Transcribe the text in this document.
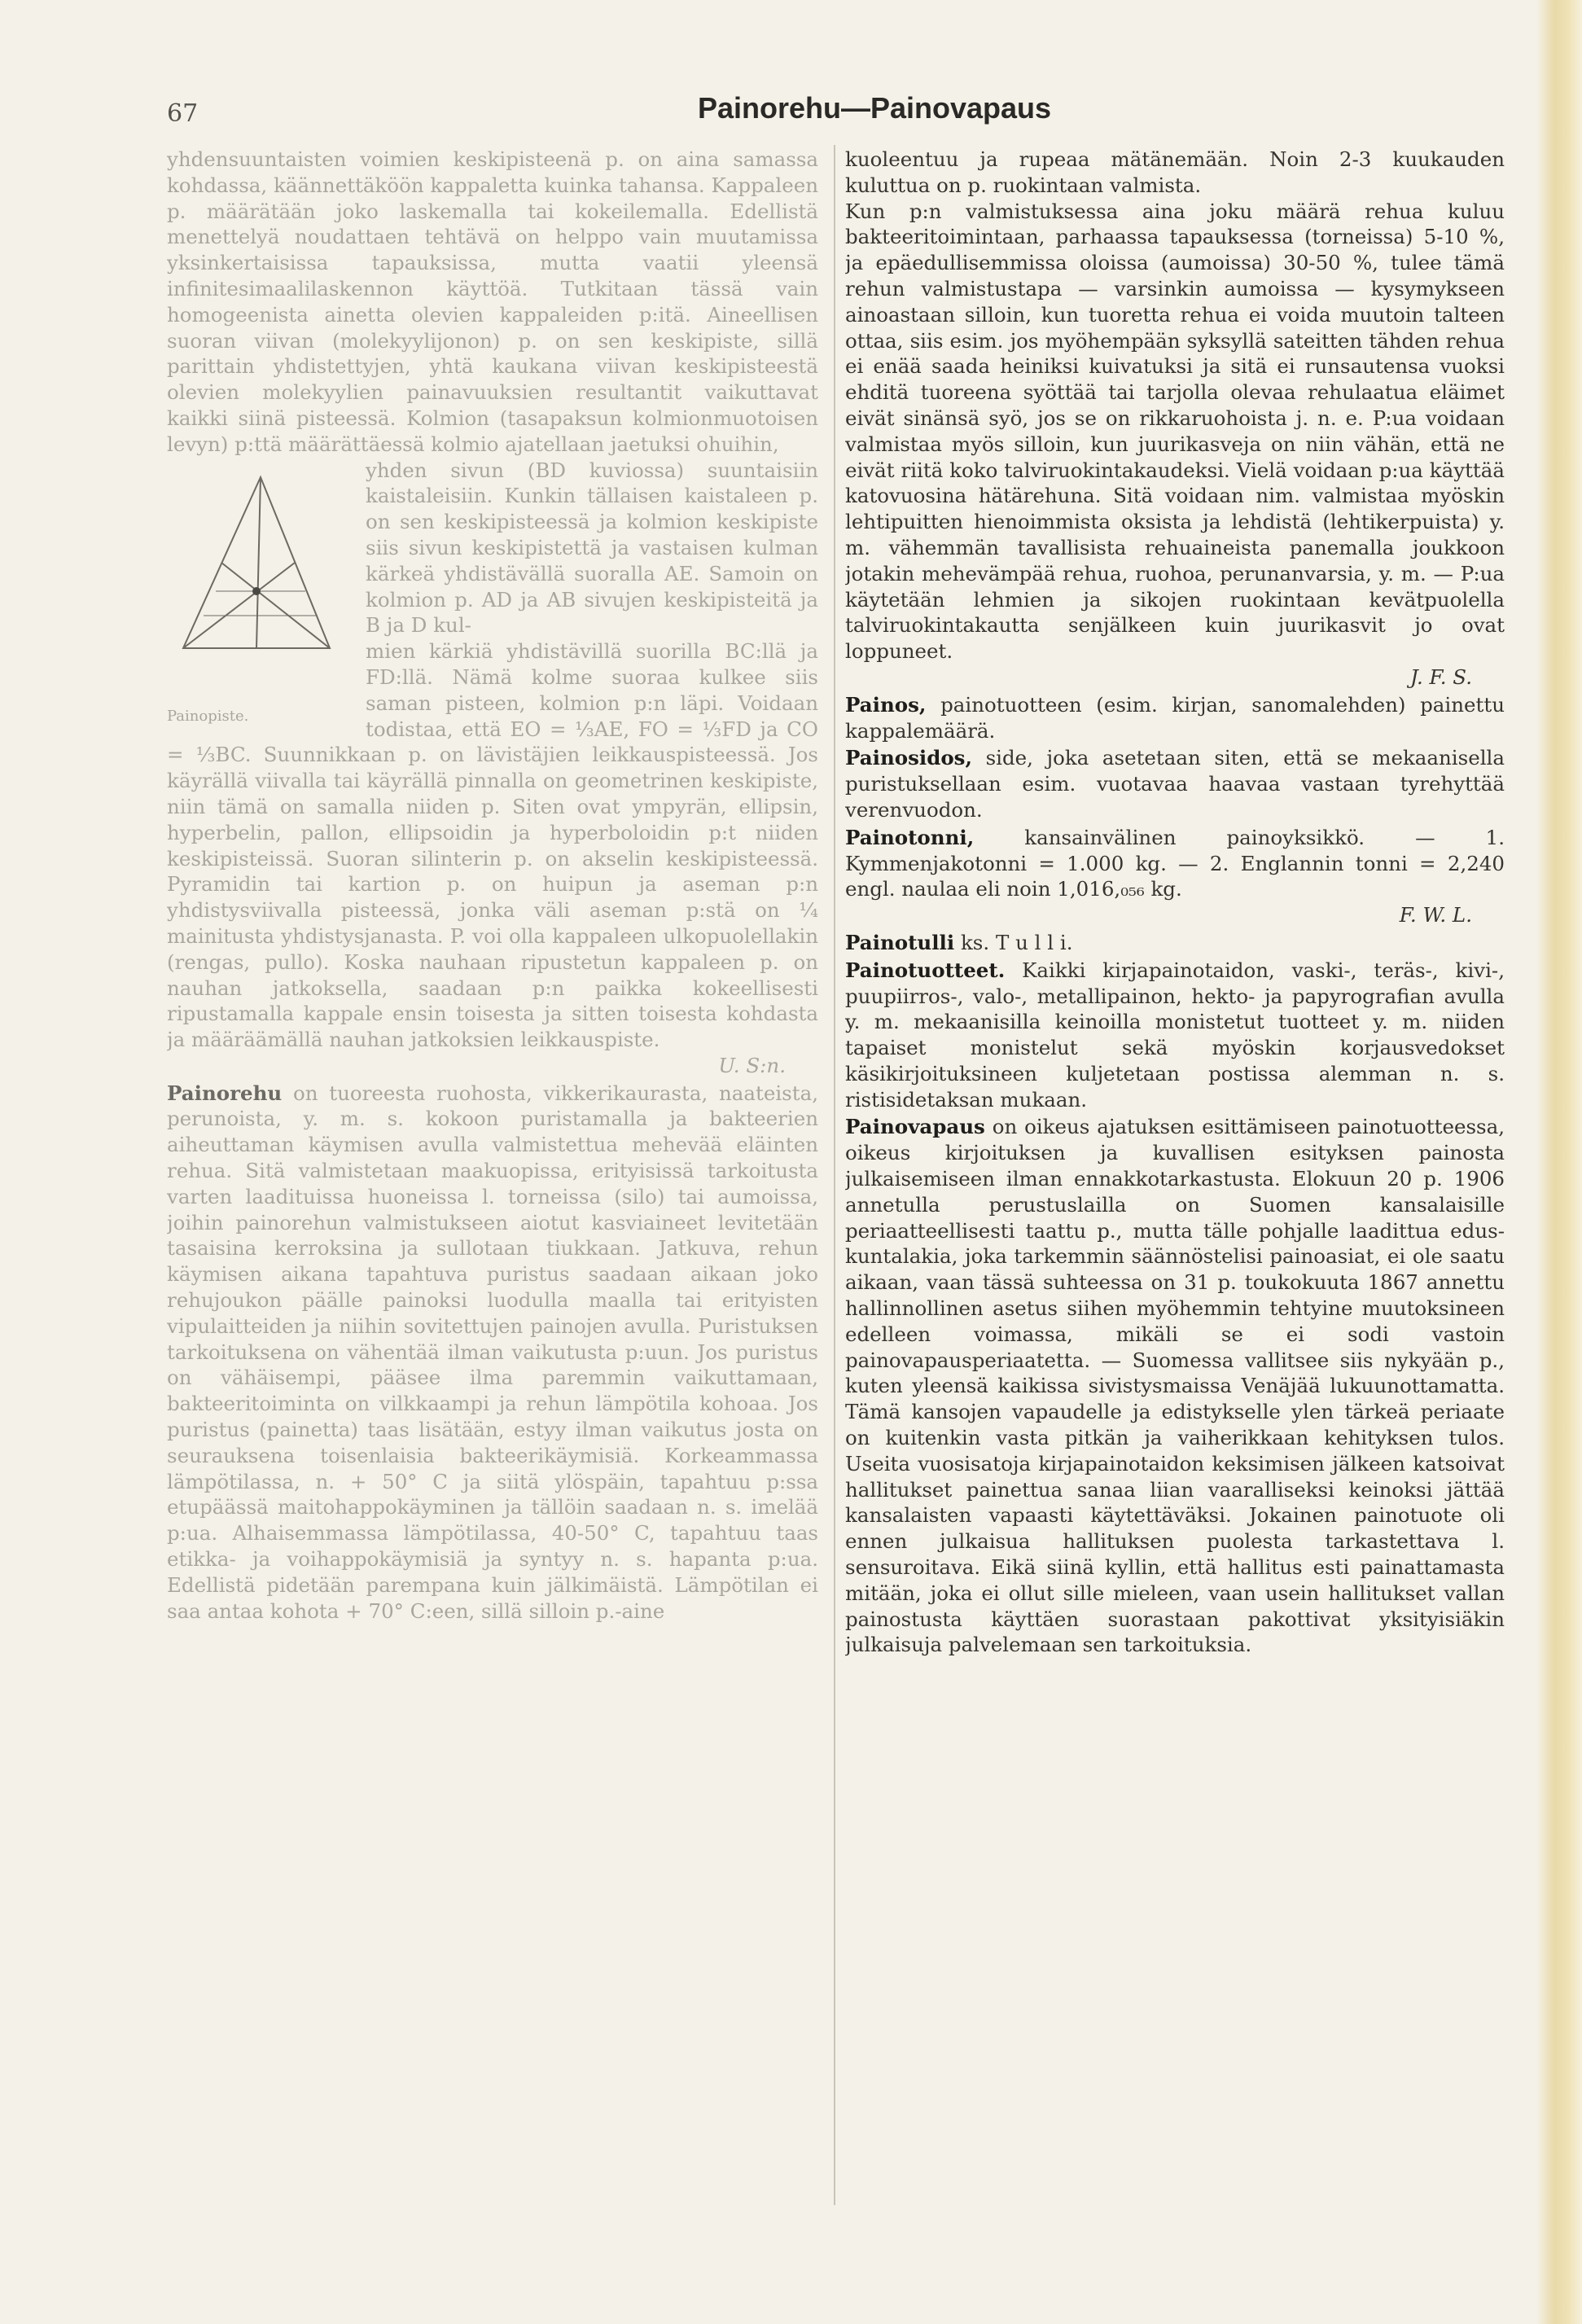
67	Painorehu—Painovapaus

yhdensuuntaisten voimien keskipisteenä p. on aina samassa kohdassa, käännettäköön kappaletta kuinka tahansa. Kappaleen p. määrätään joko laskemalla tai kokeilemalla. Edellistä menettelyä noudattaen tehtävä on helppo vain muutamissa yksinkertaisissa tapauksissa, mutta vaatii yleensä infinitesimaalilaskennon käyttöä. Tutkitaan tässä vain homogeenista ainetta olevien kappaleiden p:itä. Aineellisen suoran viivan (molekyylijonon) p. on sen keskipiste, sillä parittain yhdistettyjen, yhtä kaukana viivan keskipisteestä olevien molekyylien painavuuksien resultantit vaikuttavat kaikki siinä pisteessä. Kolmion (tasapaksun kolmionmuotoisen levyn) p:ttä määrättäessä kolmio ajatellaan jaetuksi ohuihin,

Painopiste.

yhden sivun (BD kuviossa) suuntaisiin kaistaleisiin. Kunkin tällaisen kaistaleen p. on sen keskipisteessä ja kolmion keskipiste siis sivun keskipistettä ja vastaisen kulman kärkeä yhdistävällä suoralla AE. Samoin on kolmion p. AD ja AB sivujen keskipisteitä ja B ja D kul-

mien kärkiä yhdistävillä suorilla BC:llä ja FD:llä. Nämä kolme suoraa kulkee siis saman pisteen, kolmion p:n läpi. Voidaan todistaa, että EO = ⅓AE, FO = ⅓FD ja CO = ⅓BC. Suunnikkaan p. on lävistäjien leikkauspisteessä. Jos käyrällä viivalla tai käyrällä pinnalla on geometrinen keskipiste, niin tämä on samalla niiden p. Siten ovat ympyrän, ellipsin, hyperbelin, pallon, ellipsoidin ja hyperboloidin p:t niiden keskipisteissä. Suoran silinterin p. on akselin keskipisteessä. Pyramidin tai kartion p. on huipun ja aseman p:n yhdistysviivalla pisteessä, jonka väli aseman p:stä on ¼ mainitusta yhdistysjanasta. P. voi olla kappaleen ulkopuolellakin (rengas, pullo). Koska nauhaan ripustetun kappaleen p. on nauhan jatkoksella, saadaan p:n paikka kokeellisesti ripustamalla kappale ensin toisesta ja sitten toisesta kohdasta ja määräämällä nauhan jatkoksien leikkauspiste.

U. S:n.

Painorehu on tuoreesta ruohosta, vikkerikaurasta, naateista, perunoista, y. m. s. kokoon puristamalla ja bakteerien aiheuttaman käymisen avulla valmistettua mehevää eläinten rehua. Sitä valmistetaan maakuopissa, erityisissä tarkoitusta varten laadituissa huoneissa l. torneissa (silo) tai aumoissa, joihin painorehun valmistukseen aiotut kasviaineet levitetään tasaisina kerroksina ja sullotaan tiukkaan. Jatkuva, rehun käymisen aikana tapahtuva puristus saadaan aikaan joko rehujoukon päälle painoksi luodulla maalla tai erityisten vipulaitteiden ja niihin sovitettujen painojen avulla. Puristuksen tarkoituksena on vähentää ilman vaikutusta p:uun. Jos puristus on vähäisempi, pääsee ilma paremmin vaikuttamaan, bakteeritoiminta on vilkkaampi ja rehun lämpötila kohoaa. Jos puristus (painetta) taas lisätään, estyy ilman vaikutus josta on seurauksena toisenlaisia bakteerikäymisiä. Korkeammassa lämpötilassa, n. + 50° C ja siitä ylöspäin, tapahtuu p:ssa etupäässä maitohappokäyminen ja tällöin saadaan n. s. imelää p:ua. Alhaisemmassa lämpötilassa, 40-50° C, tapahtuu taas etikka- ja voihappokäymisiä ja syntyy n. s. hapanta p:ua. Edellistä pidetään parempana kuin jälkimäistä. Lämpötilan ei saa antaa kohota + 70° C:een, sillä silloin p.-aine

kuoleentuu ja rupeaa mätänemään. Noin 2-3 kuukauden kuluttua on p. ruokintaan valmista.

Kun p:n valmistuksessa aina joku määrä rehua kuluu bakteeritoimintaan, parhaassa tapauksessa (torneissa) 5-10 %, ja epäedullisemmissa oloissa (aumoissa) 30-50 %, tulee tämä rehun valmistustapa — varsinkin aumoissa — kysymykseen ainoastaan silloin, kun tuoretta rehua ei voida muutoin talteen ottaa, siis esim. jos myöhempään syksyllä sateitten tähden rehua ei enää saada heiniksi kuivatuksi ja sitä ei runsautensa vuoksi ehditä tuoreena syöttää tai tarjolla olevaa rehulaatua eläimet eivät sinänsä syö, jos se on rikkaruohoista j. n. e. P:ua voidaan valmistaa myös silloin, kun juurikasveja on niin vähän, että ne eivät riitä koko talviruokintakaudeksi. Vielä voidaan p:ua käyttää katovuosina hätärehuna. Sitä voidaan nim. valmistaa myöskin lehtipuitten hienoimmista oksista ja lehdistä (lehtikerpuista) y. m. vähemmän tavallisista rehuaineista panemalla joukkoon jotakin mehevämpää rehua, ruohoa, perunanvarsia, y. m. — P:ua käytetään lehmien ja sikojen ruokintaan kevätpuolella talviruokintakautta senjälkeen kuin juurikasvit jo ovat loppuneet.

J. F. S.

Painos, painotuotteen (esim. kirjan, sanomalehden) painettu kappalemäärä.

Painosidos, side, joka asetetaan siten, että se mekaanisella puristuksellaan esim. vuotavaa haavaa vastaan tyrehyttää verenvuodon.

Painotonni,	kansainvälinen painoyksikkö. — 1. Kymmenjakotonni = 1.000 kg. — 2. Englannin tonni = 2,240 engl. naulaa eli noin 1,016,₀₅₆ kg.

F. W. L.

Painotulli ks. T u l l i.

Painotuotteet. Kaikki kirjapainotaidon, vaski-, teräs-, kivi-, puupiirros-, valo-, metallipainon, hekto- ja papyrografian avulla y. m. mekaanisilla keinoilla monistetut tuotteet y. m. niiden tapaiset monistelut sekä myöskin korjausvedokset käsikirjoituksineen kuljetetaan postissa alemman n. s. ristisidetaksan mukaan.

Painovapaus on oikeus ajatuksen esittämiseen painotuotteessa, oikeus kirjoituksen ja kuvallisen esityksen painosta julkaisemiseen ilman ennakkotarkastusta. Elokuun 20 p. 1906 annetulla perustuslailla on Suomen kansalaisille periaatteellisesti taattu p., mutta tälle pohjalle laadittua edus-kuntalakia, joka tarkemmin säännöstelisi painoasiat, ei ole saatu aikaan, vaan tässä suhteessa on 31 p. toukokuuta 1867 annettu hallinnollinen asetus siihen myöhemmin tehtyine muutoksineen edelleen voimassa, mikäli se ei sodi vastoin painovapausperiaatetta. — Suomessa vallitsee siis nykyään p., kuten yleensä kaikissa sivistysmaissa Venäjää lukuunottamatta. Tämä kansojen vapaudelle ja edistykselle ylen tärkeä periaate on kuitenkin vasta pitkän ja vaiherikkaan kehityksen tulos. Useita vuosisatoja kirjapainotaidon keksimisen jälkeen katsoivat hallitukset painettua sanaa liian vaaralliseksi keinoksi jättää kansalaisten vapaasti käytettäväksi. Jokainen painotuote oli ennen julkaisua hallituksen puolesta tarkastettava l. sensuroitava. Eikä siinä kyllin, että hallitus esti painattamasta mitään, joka ei ollut sille mieleen, vaan usein hallitukset vallan painostusta käyttäen suorastaan pakottivat yksityisiäkin julkaisuja palvelemaan sen tarkoituksia.
